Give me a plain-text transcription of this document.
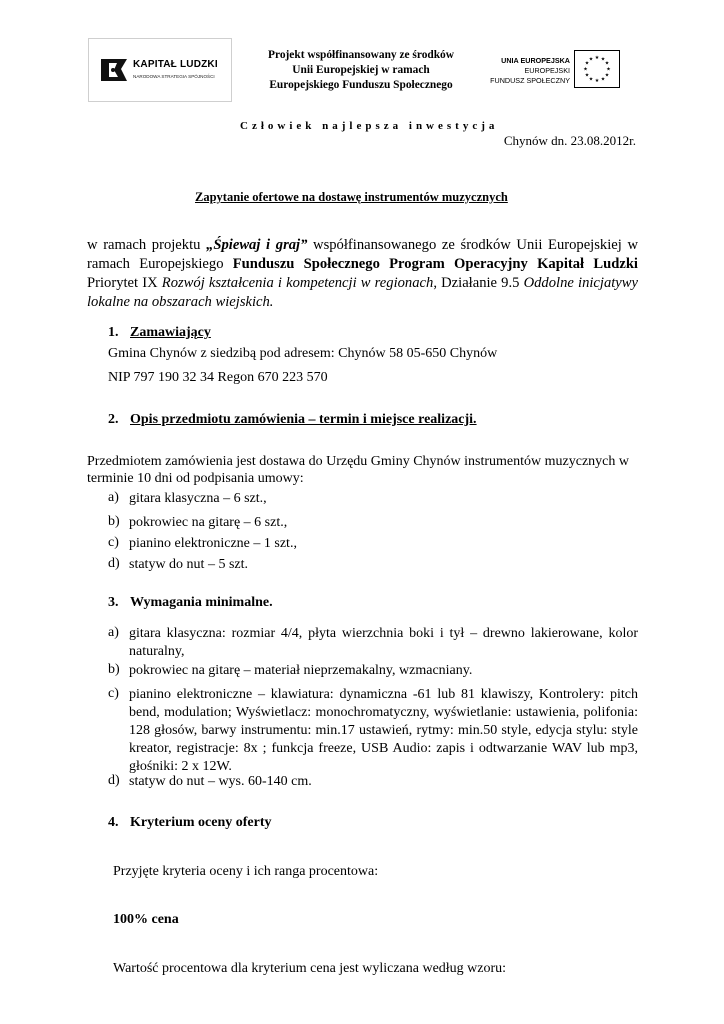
KAPITAŁ LUDZKI
NARODOWA STRATEGIA SPÓJNOŚCI
Projekt współfinansowany ze środków
Unii Europejskiej w ramach
Europejskiego Funduszu Społecznego
UNIA EUROPEJSKA
EUROPEJSKI
FUNDUSZ SPOŁECZNY
★ ★
★
★
★
★
★
★
★
★
★
★
Człowiek najlepsza inwestycja
Chynów dn. 23.08.2012r.
Zapytanie ofertowe na dostawę instrumentów muzycznych
w ramach projektu „Śpiewaj i graj” współfinansowanego ze środków Unii Europejskiej w ramach Europejskiego Funduszu Społecznego Program Operacyjny Kapitał Ludzki Priorytet IX Rozwój kształcenia i kompetencji w regionach, Działanie 9.5 Oddolne inicjatywy lokalne na obszarach wiejskich.
1. Zamawiający
Gmina Chynów z siedzibą pod adresem: Chynów 58 05-650 Chynów
NIP 797 190 32 34 Regon 670 223 570
2. Opis przedmiotu zamówienia – termin i miejsce realizacji.
Przedmiotem zamówienia jest dostawa do Urzędu Gminy Chynów instrumentów muzycznych w terminie 10 dni od podpisania umowy:
a) gitara klasyczna – 6 szt.,
b) pokrowiec na gitarę – 6 szt.,
c) pianino elektroniczne – 1 szt.,
d) statyw do nut – 5 szt.
3. Wymagania minimalne.
a) gitara klasyczna: rozmiar 4/4, płyta wierzchnia boki i tył – drewno lakierowane, kolor naturalny,
b) pokrowiec na gitarę – materiał nieprzemakalny, wzmacniany.
c) pianino elektroniczne – klawiatura: dynamiczna -61 lub 81 klawiszy, Kontrolery: pitch bend, modulation; Wyświetlacz: monochromatyczny, wyświetlanie: ustawienia, polifonia: 128 głosów, barwy instrumentu: min.17 ustawień, rytmy: min.50 style, edycja stylu: style kreator, registracje: 8x ; funkcja freeze, USB Audio: zapis i odtwarzanie WAV lub mp3, głośniki: 2 x 12W.
d) statyw do nut – wys. 60-140 cm.
4. Kryterium oceny oferty
Przyjęte kryteria oceny i ich ranga procentowa:
100% cena
Wartość procentowa dla kryterium cena jest wyliczana według wzoru:
